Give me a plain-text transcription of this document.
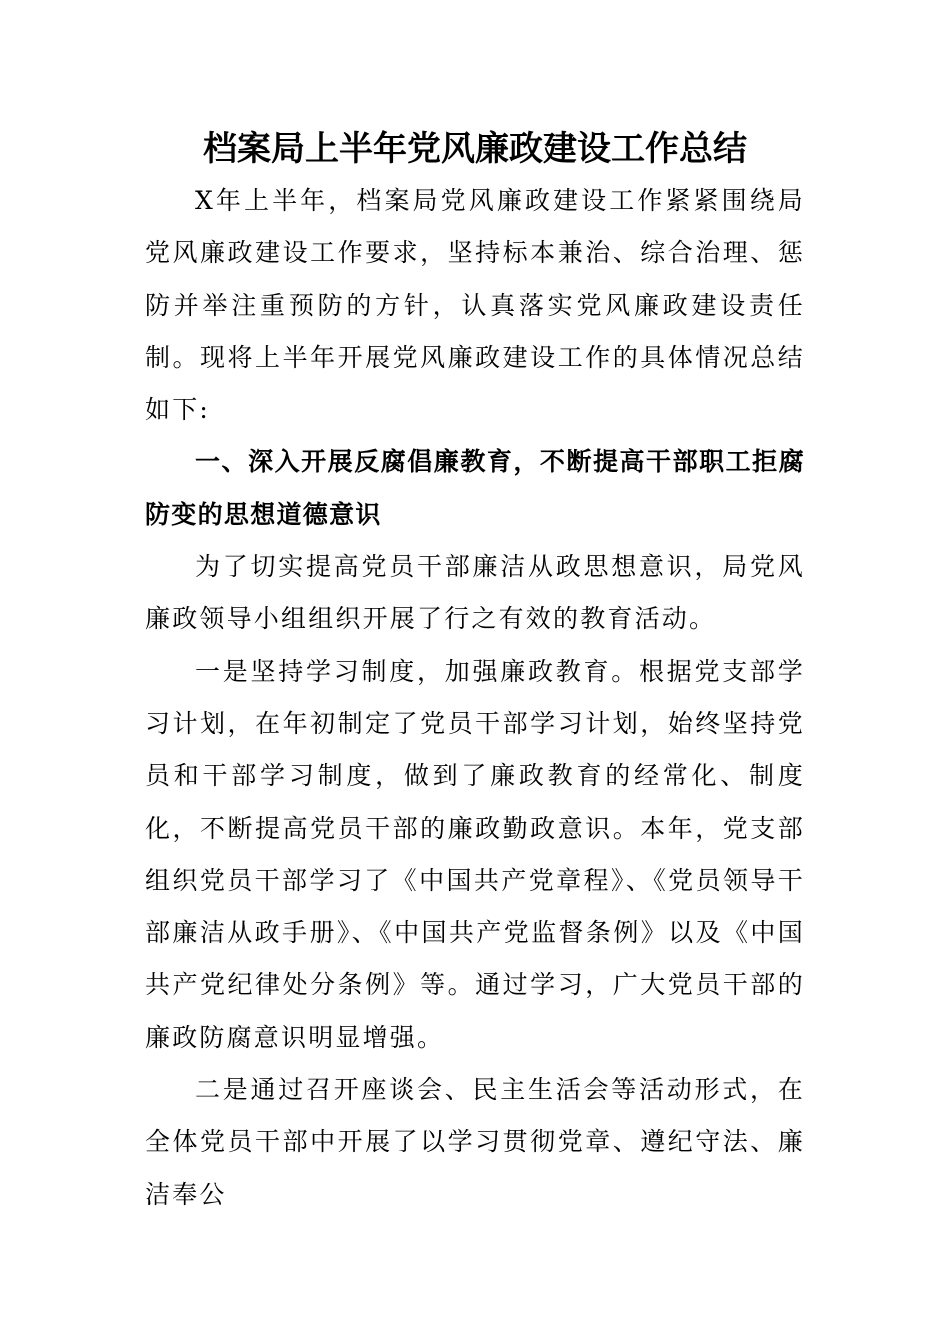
档案局上半年党风廉政建设工作总结

X年上半年，档案局党风廉政建设工作紧紧围绕局党风廉政建设工作要求，坚持标本兼治、综合治理、惩防并举注重预防的方针，认真落实党风廉政建设责任制。现将上半年开展党风廉政建设工作的具体情况总结如下:

一、深入开展反腐倡廉教育，不断提高干部职工拒腐防变的思想道德意识

为了切实提高党员干部廉洁从政思想意识，局党风廉政领导小组组织开展了行之有效的教育活动。

一是坚持学习制度，加强廉政教育。根据党支部学习计划，在年初制定了党员干部学习计划，始终坚持党员和干部学习制度，做到了廉政教育的经常化、制度化，不断提高党员干部的廉政勤政意识。本年，党支部组织党员干部学习了《中国共产党章程》、《党员领导干部廉洁从政手册》、《中国共产党监督条例》以及《中国共产党纪律处分条例》等。通过学习，广大党员干部的廉政防腐意识明显增强。

二是通过召开座谈会、民主生活会等活动形式，在全体党员干部中开展了以学习贯彻党章、遵纪守法、廉洁奉公
